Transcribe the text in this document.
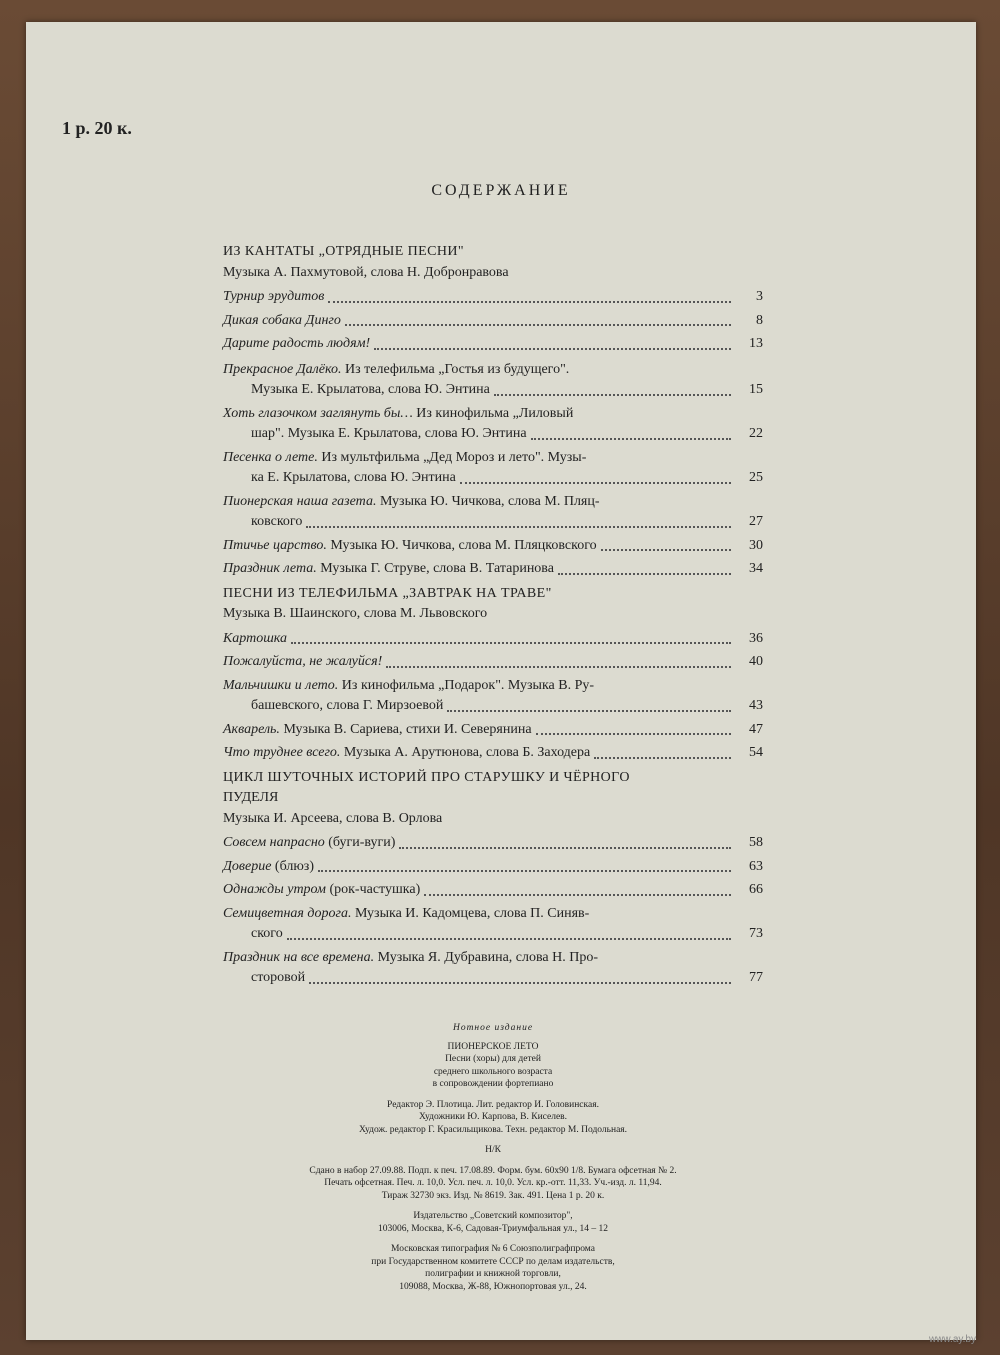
1 р. 20 к.
СОДЕРЖАНИЕ
ИЗ КАНТАТЫ „ОТРЯДНЫЕ ПЕСНИ"
Музыка А. Пахмутовой, слова Н. Добронравова
Турнир эрудитов	3
Дикая собака Динго	8
Дарите радость людям!	13
Прекрасное Далёко. Из телефильма „Гостья из будущего".
Музыка Е. Крылатова, слова Ю. Энтина	15
Хоть глазочком заглянуть бы… Из кинофильма „Лиловый
шар". Музыка Е. Крылатова, слова Ю. Энтина	22
Песенка о лете. Из мультфильма „Дед Мороз и лето". Музы-
ка Е. Крылатова, слова Ю. Энтина	25
Пионерская наша газета. Музыка Ю. Чичкова, слова М. Пляц-
ковского	27
Птичье царство. Музыка Ю. Чичкова, слова М. Пляцковского	30
Праздник лета. Музыка Г. Струве, слова В. Татаринова	34
ПЕСНИ ИЗ ТЕЛЕФИЛЬМА „ЗАВТРАК НА ТРАВЕ"
Музыка В. Шаинского, слова М. Львовского
Картошка	36
Пожалуйста, не жалуйся!	40
Мальчишки и лето. Из кинофильма „Подарок". Музыка В. Ру-
башевского, слова Г. Мирзоевой	43
Акварель. Музыка В. Сариева, стихи И. Северянина	47
Что труднее всего. Музыка А. Арутюнова, слова Б. Заходера	54
ЦИКЛ ШУТОЧНЫХ ИСТОРИЙ ПРО СТАРУШКУ И ЧЁРНОГО
ПУДЕЛЯ
Музыка И. Арсеева, слова В. Орлова
Совсем напрасно (буги-вуги)	58
Доверие (блюз)	63
Однажды утром (рок-частушка)	66
Семицветная дорога. Музыка И. Кадомцева, слова П. Синяв-
ского	73
Праздник на все времена. Музыка Я. Дубравина, слова Н. Про-
сторовой	77
Нотное издание
ПИОНЕРСКОЕ ЛЕТО
Песни (хоры) для детей
среднего школьного возраста
в сопровождении фортепиано
Редактор Э. Плотица. Лит. редактор И. Головинская.
Художники Ю. Карпова, В. Киселев.
Худож. редактор Г. Красильщикова. Техн. редактор М. Подольная.
Н/К
Сдано в набор 27.09.88. Подп. к печ. 17.08.89. Форм. бум. 60х90 1/8. Бумага офсетная № 2.
Печать офсетная. Печ. л. 10,0. Усл. печ. л. 10,0. Усл. кр.-отт. 11,33. Уч.-изд. л. 11,94.
Тираж 32730 экз. Изд. № 8619. Зак. 491. Цена 1 р. 20 к.
Издательство „Советский композитор",
103006, Москва, К-6, Садовая-Триумфальная ул., 14 – 12
Московская типография № 6 Союзполиграфпрома
при Государственном комитете СССР по делам издательств,
полиграфии и книжной торговли,
109088, Москва, Ж-88, Южнопортовая ул., 24.
www.ay.by
